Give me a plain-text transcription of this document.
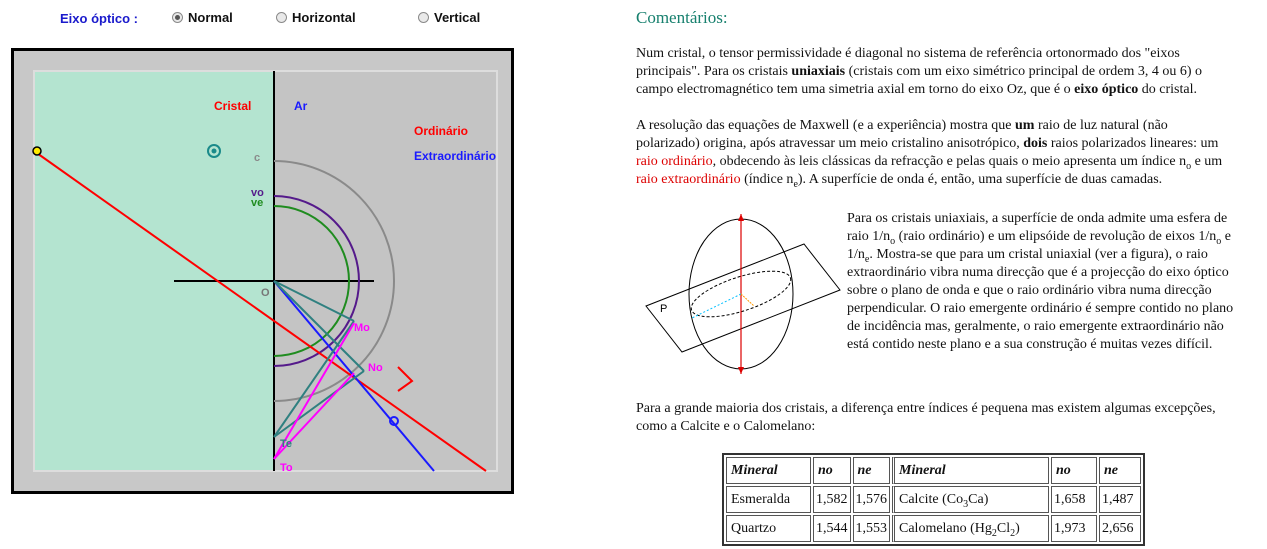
Eixo óptico :	Normal	Horizontal	Vertical
Cristal	Ar
Ordinário
Extraordinário
c
vo
ve
O
Mo
No
Te
To
Comentários:

Num cristal, o tensor permissividade é diagonal no sistema de referência ortonormado dos "eixos principais". Para os cristais uniaxiais (cristais com um eixo simétrico principal de ordem 3, 4 ou 6) o campo electromagnético tem uma simetria axial em torno do eixo Oz, que é o eixo óptico do cristal.

A resolução das equações de Maxwell (e a experiência) mostra que um raio de luz natural (não polarizado) origina, após atravessar um meio cristalino anisotrópico, dois raios polarizados lineares: um raio ordinário, obdecendo às leis clássicas da refracção e pelas quais o meio apresenta um índice $n_o$ e um raio extraordinário (índice $n_e$). A superfície de onda é, então, uma superfície de duas camadas.

P

Para os cristais uniaxiais, a superfície de onda admite uma esfera de raio $1/n_o$ (raio ordinário) e um elipsóide de revolução de eixos $1/n_o$ e $1/n_e$. Mostra-se que para um cristal uniaxial (ver a figura), o raio extraordinário vibra numa direcção que é a projecção do eixo óptico sobre o plano de onda e que o raio ordinário vibra numa direcção perpendicular. O raio emergente ordinário é sempre contido no plano de incidência mas, geralmente, o raio emergente extraordinário não está contido neste plano e a sua construção é muitas vezes difícil.

Para a grande maioria dos cristais, a diferença entre índices é pequena mas existem algumas excepções, como a Calcite e o Calomelano:

Mineral	no	ne	Mineral	no	ne
Esmeralda	1,582	1,576	Calcite $(Co_3Ca)$	1,658	1,487
Quartzo	1,544	1,553	Calomelano $(Hg_2Cl_2)$	1,973	2,656
